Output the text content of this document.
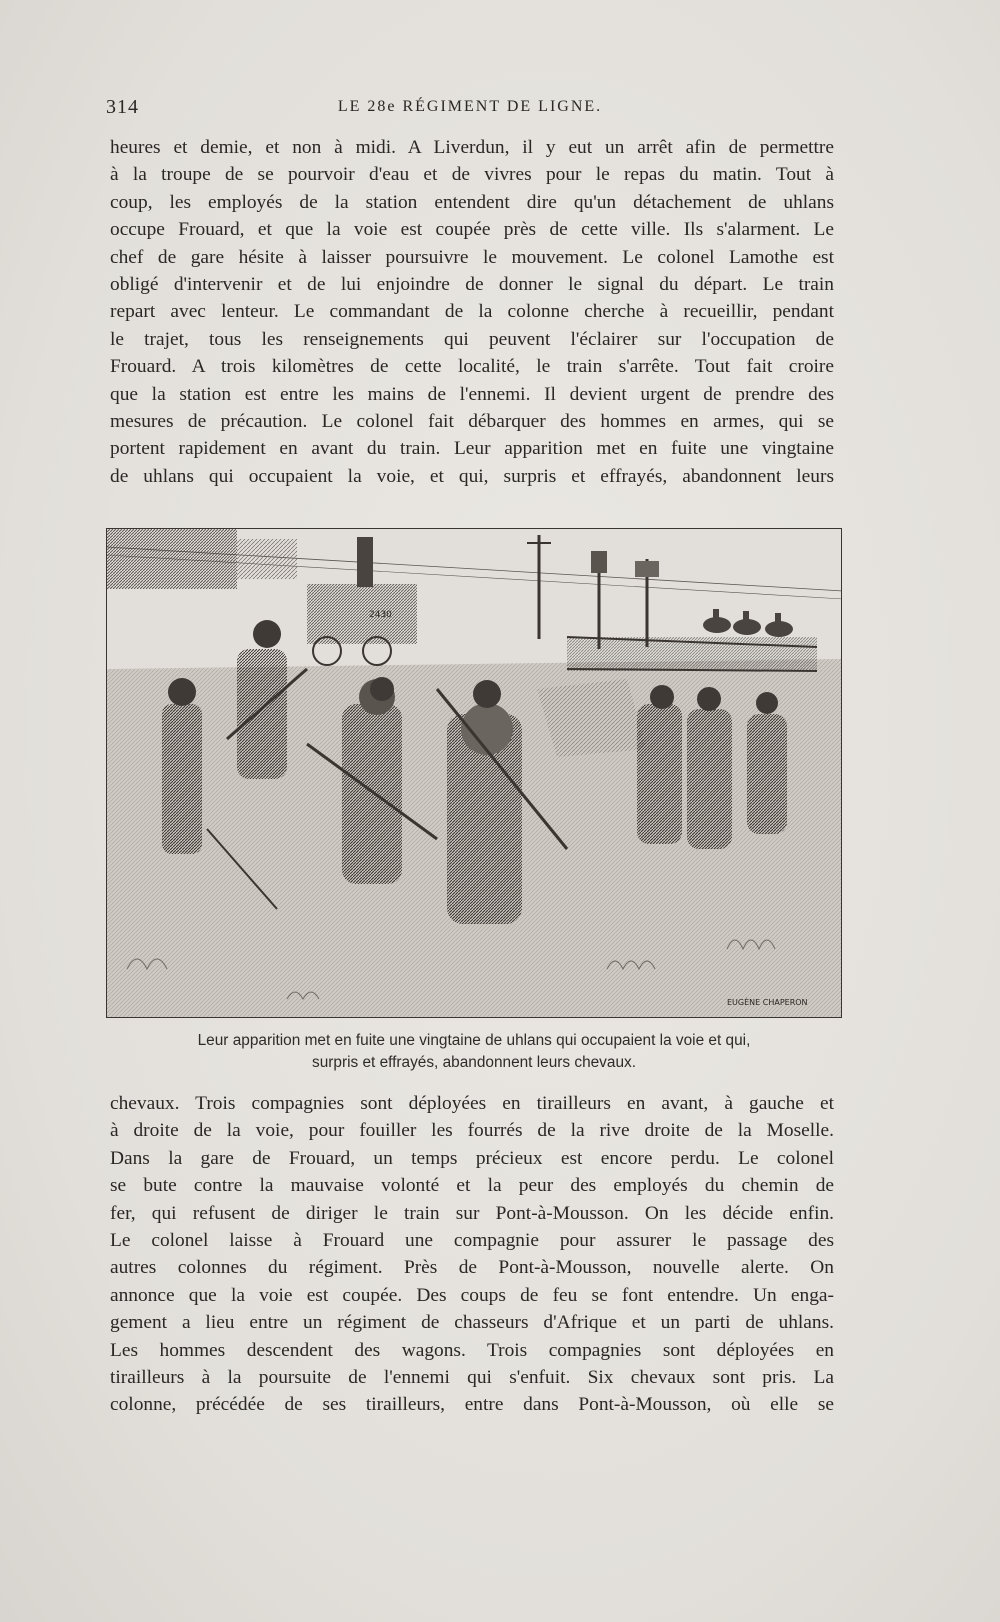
314	LE 28e RÉGIMENT DE LIGNE.
heures et demie, et non à midi. A Liverdun, il y eut un arrêt afin de permettre
à la troupe de se pourvoir d'eau et de vivres pour le repas du matin. Tout à
coup, les employés de la station entendent dire qu'un détachement de uhlans
occupe Frouard, et que la voie est coupée près de cette ville. Ils s'alarment. Le
chef de gare hésite à laisser poursuivre le mouvement. Le colonel Lamothe est
obligé d'intervenir et de lui enjoindre de donner le signal du départ. Le train
repart avec lenteur. Le commandant de la colonne cherche à recueillir, pendant
le trajet, tous les renseignements qui peuvent l'éclairer sur l'occupation de
Frouard. A trois kilomètres de cette localité, le train s'arrête. Tout fait croire
que la station est entre les mains de l'ennemi. Il devient urgent de prendre des
mesures de précaution. Le colonel fait débarquer des hommes en armes, qui se
portent rapidement en avant du train. Leur apparition met en fuite une vingtaine
de uhlans qui occupaient la voie, et qui, surpris et effrayés, abandonnent leurs
2430
EUGÈNE CHAPERON
Leur apparition met en fuite une vingtaine de uhlans qui occupaient la voie et qui,
surpris et effrayés, abandonnent leurs chevaux.
chevaux. Trois compagnies sont déployées en tirailleurs en avant, à gauche et
à droite de la voie, pour fouiller les fourrés de la rive droite de la Moselle.
Dans la gare de Frouard, un temps précieux est encore perdu. Le colonel
se bute contre la mauvaise volonté et la peur des employés du chemin de
fer, qui refusent de diriger le train sur Pont-à-Mousson. On les décide enfin.
Le colonel laisse à Frouard une compagnie pour assurer le passage des
autres colonnes du régiment. Près de Pont-à-Mousson, nouvelle alerte. On
annonce que la voie est coupée. Des coups de feu se font entendre. Un enga-
gement a lieu entre un régiment de chasseurs d'Afrique et un parti de uhlans.
Les hommes descendent des wagons. Trois compagnies sont déployées en
tirailleurs à la poursuite de l'ennemi qui s'enfuit. Six chevaux sont pris. La
colonne, précédée de ses tirailleurs, entre dans Pont-à-Mousson, où elle se
